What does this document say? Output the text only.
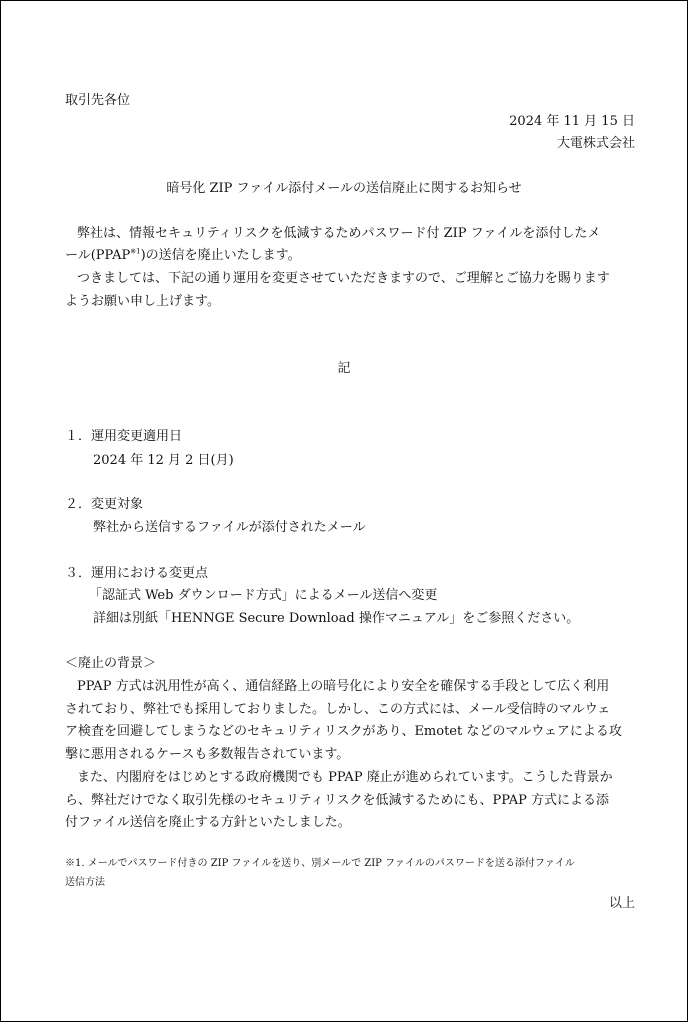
取引先各位

2024 年 11 月 15 日

大電株式会社

暗号化 ZIP ファイル添付メールの送信廃止に関するお知らせ

弊社は、情報セキュリティリスクを低減するためパスワード付 ZIP ファイルを添付したメ

ール(PPAP$^{※1}$)の送信を廃止いたします。

つきましては、下記の通り運用を変更させていただきますので、ご理解とご協力を賜ります

ようお願い申し上げます。

記

１．運用変更適用日

2024 年 12 月 2 日(月)

２．変更対象

弊社から送信するファイルが添付されたメール

３．運用における変更点

「認証式 Web ダウンロード方式」によるメール送信へ変更

詳細は別紙「HENNGE Secure Download 操作マニュアル」をご参照ください。

＜廃止の背景＞

PPAP 方式は汎用性が高く、通信経路上の暗号化により安全を確保する手段として広く利用

されており、弊社でも採用しておりました。しかし、この方式には、メール受信時のマルウェ

ア検査を回避してしまうなどのセキュリティリスクがあり、Emotet などのマルウェアによる攻

撃に悪用されるケースも多数報告されています。

また、内閣府をはじめとする政府機関でも PPAP 廃止が進められています。こうした背景か

ら、弊社だけでなく取引先様のセキュリティリスクを低減するためにも、PPAP 方式による添

付ファイル送信を廃止する方針といたしました。

※1. メールでパスワード付きの ZIP ファイルを送り、別メールで ZIP ファイルのパスワードを送る添付ファイル

送信方法

以上
